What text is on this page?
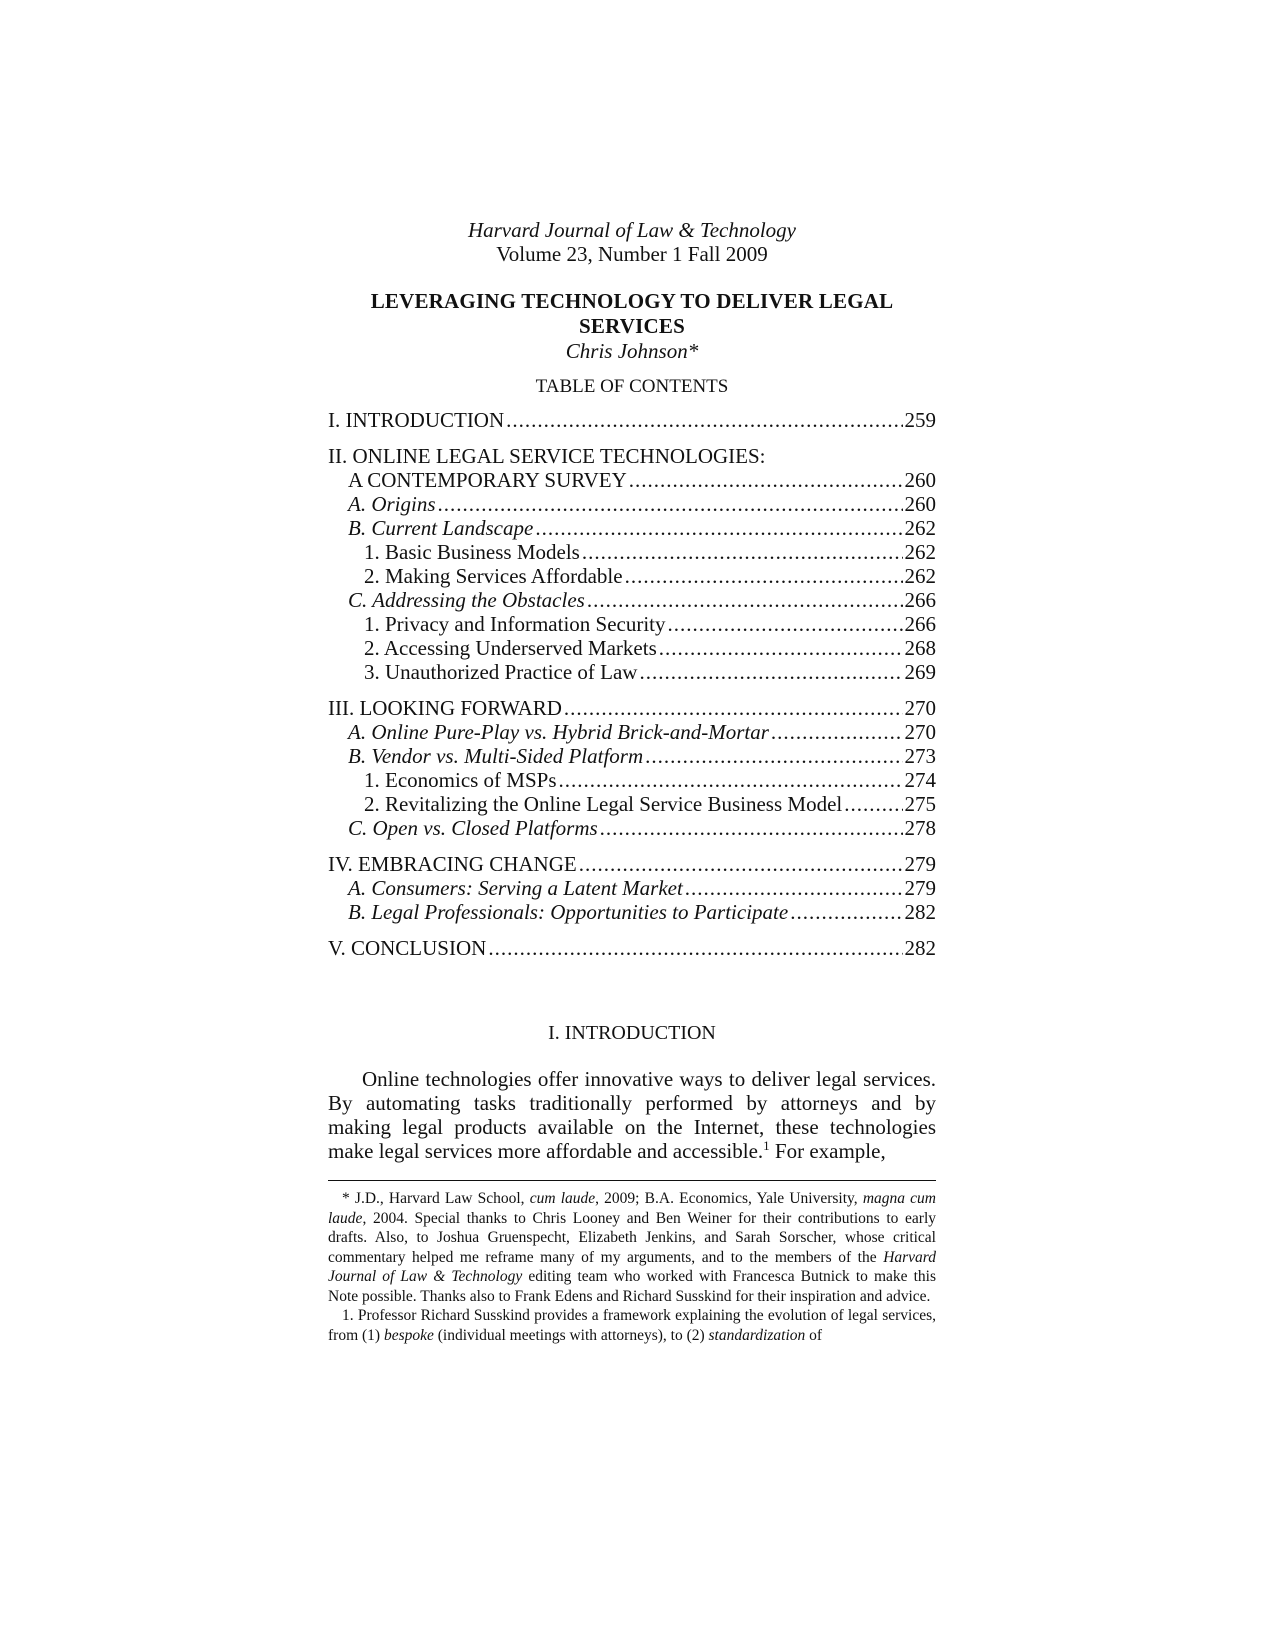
Harvard Journal of Law & Technology
Volume 23, Number 1 Fall 2009
LEVERAGING TECHNOLOGY TO DELIVER LEGAL SERVICES
Chris Johnson*
TABLE OF CONTENTS
I. INTRODUCTION .....	259
II. ONLINE LEGAL SERVICE TECHNOLOGIES:
A CONTEMPORARY SURVEY .....	260
A. Origins .....	260
B. Current Landscape .....	262
1. Basic Business Models .....	262
2. Making Services Affordable .....	262
C. Addressing the Obstacles .....	266
1. Privacy and Information Security .....	266
2. Accessing Underserved Markets .....	268
3. Unauthorized Practice of Law .....	269
III. LOOKING FORWARD .....	270
A. Online Pure-Play vs. Hybrid Brick-and-Mortar .....	270
B. Vendor vs. Multi-Sided Platform .....	273
1. Economics of MSPs .....	274
2. Revitalizing the Online Legal Service Business Model .....	275
C. Open vs. Closed Platforms .....	278
IV. EMBRACING CHANGE .....	279
A. Consumers: Serving a Latent Market .....	279
B. Legal Professionals: Opportunities to Participate .....	282
V. CONCLUSION .....	282
I. INTRODUCTION

Online technologies offer innovative ways to deliver legal services. By automating tasks traditionally performed by attorneys and by making legal products available on the Internet, these technologies make legal services more affordable and accessible.$^1$ For example,

* J.D., Harvard Law School, cum laude, 2009; B.A. Economics, Yale University, magna cum laude, 2004. Special thanks to Chris Looney and Ben Weiner for their contributions to early drafts. Also, to Joshua Gruenspecht, Elizabeth Jenkins, and Sarah Sorscher, whose critical commentary helped me reframe many of my arguments, and to the members of the Harvard Journal of Law & Technology editing team who worked with Francesca Butnick to make this Note possible. Thanks also to Frank Edens and Richard Susskind for their inspiration and advice.

1. Professor Richard Susskind provides a framework explaining the evolution of legal services, from (1) bespoke (individual meetings with attorneys), to (2) standardization of
